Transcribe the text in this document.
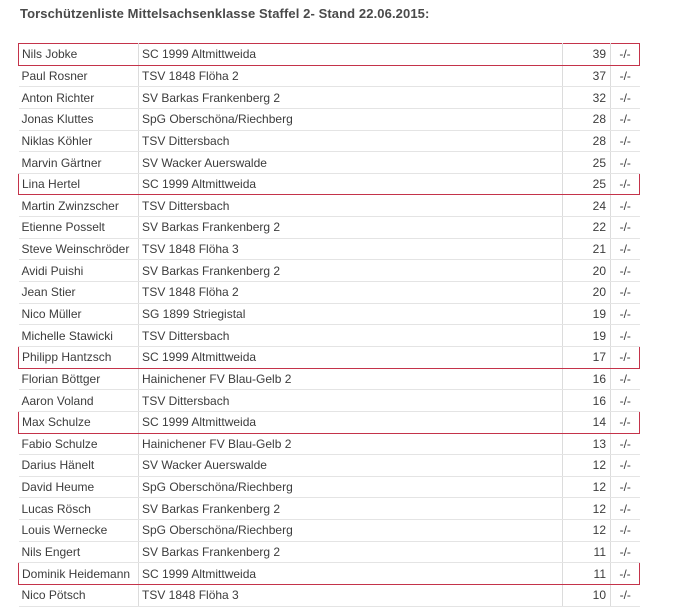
Torschützenliste Mittelsachsenklasse Staffel 2- Stand 22.06.2015:
Nils Jobke	SC 1999 Altmittweida	39	-/-
Paul Rosner	TSV 1848 Flöha 2	37	-/-
Anton Richter	SV Barkas Frankenberg 2	32	-/-
Jonas Kluttes	SpG Oberschöna/Riechberg	28	-/-
Niklas Köhler	TSV Dittersbach	28	-/-
Marvin Gärtner	SV Wacker Auerswalde	25	-/-
Lina Hertel	SC 1999 Altmittweida	25	-/-
Martin Zwinzscher	TSV Dittersbach	24	-/-
Etienne Posselt	SV Barkas Frankenberg 2	22	-/-
Steve Weinschröder	TSV 1848 Flöha 3	21	-/-
Avidi Puishi	SV Barkas Frankenberg 2	20	-/-
Jean Stier	TSV 1848 Flöha 2	20	-/-
Nico Müller	SG 1899 Striegistal	19	-/-
Michelle Stawicki	TSV Dittersbach	19	-/-
Philipp Hantzsch	SC 1999 Altmittweida	17	-/-
Florian Böttger	Hainichener FV Blau-Gelb 2	16	-/-
Aaron Voland	TSV Dittersbach	16	-/-
Max Schulze	SC 1999 Altmittweida	14	-/-
Fabio Schulze	Hainichener FV Blau-Gelb 2	13	-/-
Darius Hänelt	SV Wacker Auerswalde	12	-/-
David Heume	SpG Oberschöna/Riechberg	12	-/-
Lucas Rösch	SV Barkas Frankenberg 2	12	-/-
Louis Wernecke	SpG Oberschöna/Riechberg	12	-/-
Nils Engert	SV Barkas Frankenberg 2	11	-/-
Dominik Heidemann	SC 1999 Altmittweida	11	-/-
Nico Pötsch	TSV 1848 Flöha 3	10	-/-
